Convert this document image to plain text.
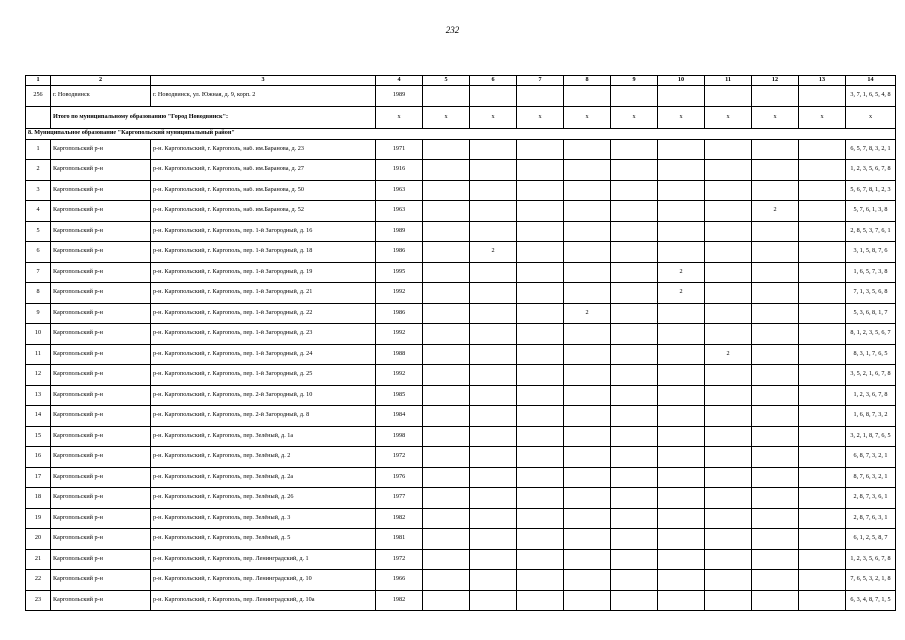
232
1	2	3	4	5	6	7	8	9	10	11	12	13	14
256	г. Новодвинск	г. Новодвинск, ул. Южная, д. 9, корп. 2	1989										3, 7, 1, 6, 5, 4, 8

	Итого по муниципальному образованию "Город Новодвинск":		x	x	x	x	x	x	x	x	x	x	x
8. Муниципальное образование "Каргопольский муниципальный район"													
1	Каргопольский р-н	р-н. Каргопольский, г. Каргополь, наб. им.Баранова, д. 23	1971										6, 5, 7, 8, 3, 2, 1

2	Каргопольский р-н	р-н. Каргопольский, г. Каргополь, наб. им.Баранова, д. 27	1916										1, 2, 3, 5, 6, 7, 8

3	Каргопольский р-н	р-н. Каргопольский, г. Каргополь, наб. им.Баранова, д. 50	1963										5, 6, 7, 8, 1, 2, 3

4	Каргопольский р-н	р-н. Каргопольский, г. Каргополь, наб. им.Баранова, д. 52	1963								2		5, 7, 6, 1, 3, 8

5	Каргопольский р-н	р-н. Каргопольский, г. Каргополь, пер. 1-й Загородный, д. 16	1989										2, 8, 5, 3, 7, 6, 1

6	Каргопольский р-н	р-н. Каргопольский, г. Каргополь, пер. 1-й Загородный, д. 18	1986		2								3, 1, 5, 8, 7, 6

7	Каргопольский р-н	р-н. Каргопольский, г. Каргополь, пер. 1-й Загородный, д. 19	1995						2				1, 6, 5, 7, 3, 8

8	Каргопольский р-н	р-н. Каргопольский, г. Каргополь, пер. 1-й Загородный, д. 21	1992						2				7, 1, 3, 5, 6, 8

9	Каргопольский р-н	р-н. Каргопольский, г. Каргополь, пер. 1-й Загородный, д. 22	1986				2						5, 3, 6, 8, 1, 7

10	Каргопольский р-н	р-н. Каргопольский, г. Каргополь, пер. 1-й Загородный, д. 23	1992										8, 1, 2, 3, 5, 6, 7

11	Каргопольский р-н	р-н. Каргопольский, г. Каргополь, пер. 1-й Загородный, д. 24	1988							2			8, 3, 1, 7, 6, 5

12	Каргопольский р-н	р-н. Каргопольский, г. Каргополь, пер. 1-й Загородный, д. 25	1992										3, 5, 2, 1, 6, 7, 8

13	Каргопольский р-н	р-н. Каргопольский, г. Каргополь, пер. 2-й Загородный, д. 10	1985										1, 2, 3, 6, 7, 8

14	Каргопольский р-н	р-н. Каргопольский, г. Каргополь, пер. 2-й Загородный, д. 8	1984										1, 6, 8, 7, 3, 2

15	Каргопольский р-н	р-н. Каргопольский, г. Каргополь, пер. Зелёный, д. 1а	1998										3, 2, 1, 8, 7, 6, 5

16	Каргопольский р-н	р-н. Каргопольский, г. Каргополь, пер. Зелёный, д. 2	1972										6, 8, 7, 3, 2, 1

17	Каргопольский р-н	р-н. Каргопольский, г. Каргополь, пер. Зелёный, д. 2а	1976										8, 7, 6, 3, 2, 1

18	Каргопольский р-н	р-н. Каргопольский, г. Каргополь, пер. Зелёный, д. 26	1977										2, 8, 7, 3, 6, 1

19	Каргопольский р-н	р-н. Каргопольский, г. Каргополь, пер. Зелёный, д. 3	1982										2, 8, 7, 6, 3, 1

20	Каргопольский р-н	р-н. Каргопольский, г. Каргополь, пер. Зелёный, д. 5	1981										6, 1, 2, 5, 8, 7

21	Каргопольский р-н	р-н. Каргопольский, г. Каргополь, пер. Ленинградский, д. 1	1972										1, 2, 3, 5, 6, 7, 8

22	Каргопольский р-н	р-н. Каргопольский, г. Каргополь, пер. Ленинградский, д. 10	1966										7, 6, 5, 3, 2, 1, 8

23	Каргопольский р-н	р-н. Каргопольский, г. Каргополь, пер. Ленинградский, д. 10а	1982										6, 3, 4, 8, 7, 1, 5
